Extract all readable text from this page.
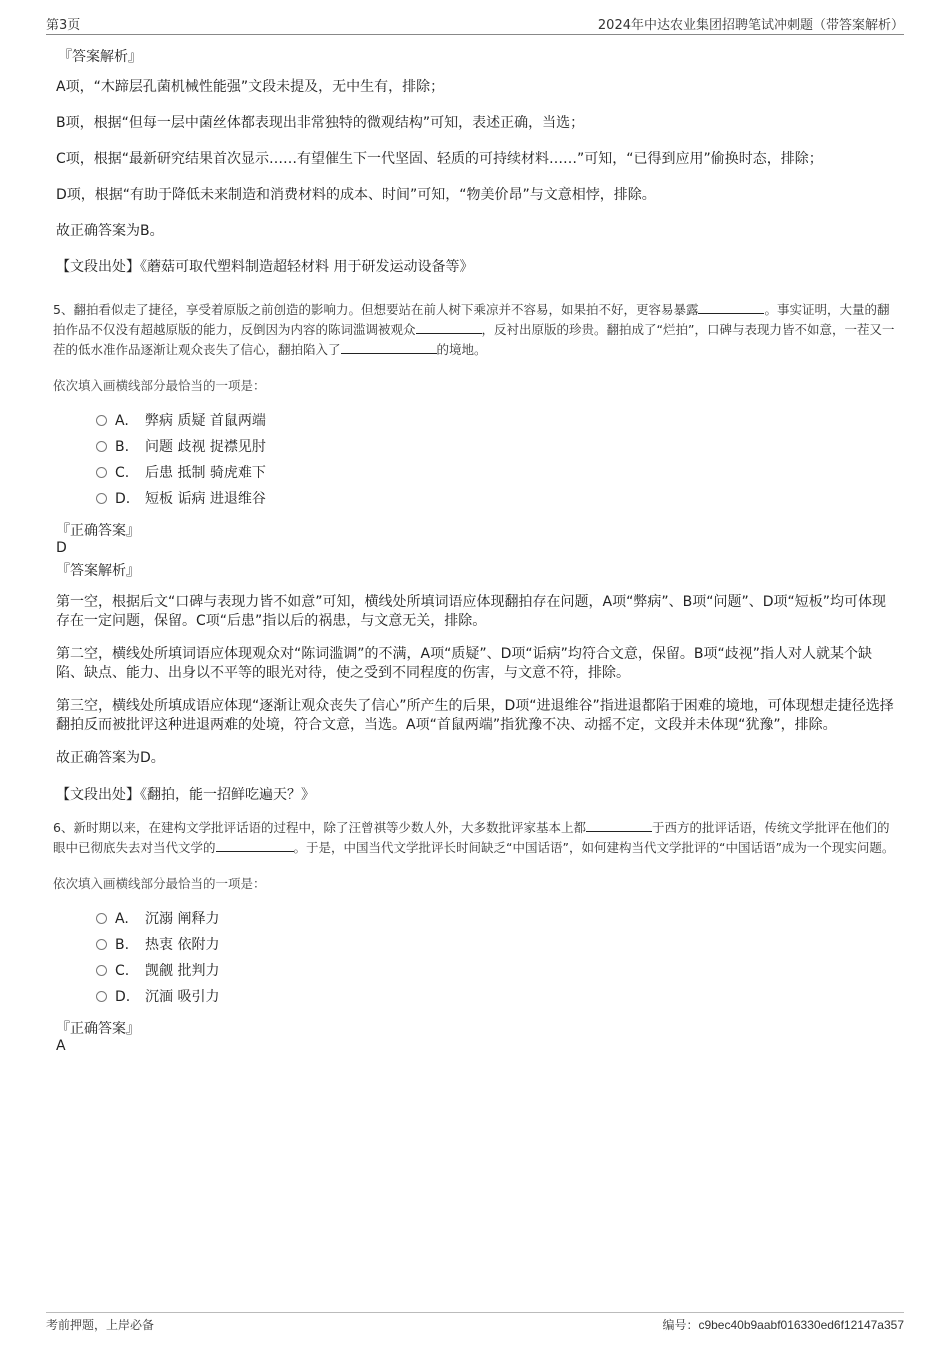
第3页	2024年中达农业集团招聘笔试冲刺题（带答案解析）
『答案解析』

A项，“木蹄层孔菌机械性能强”文段未提及，无中生有，排除；

B项，根据“但每一层中菌丝体都表现出非常独特的微观结构”可知，表述正确，当选；

C项，根据“最新研究结果首次显示……有望催生下一代坚固、轻质的可持续材料……”可知，“已得到应用”偷换时态，排除；

D项，根据“有助于降低未来制造和消费材料的成本、时间”可知，“物美价昂”与文意相悖，排除。

故正确答案为B。

【文段出处】《蘑菇可取代塑料制造超轻材料 用于研发运动设备等》
5、翻拍看似走了捷径，享受着原版之前创造的影响力。但想要站在前人树下乘凉并不容易，如果拍不好，更容易暴露	。事实证明，大量的翻拍作品不仅没有超越原版的能力，反倒因为内容的陈词滥调被观众	，反衬出原版的珍贵。翻拍成了“烂拍”，口碑与表现力皆不如意，一茬又一茬的低水准作品逐渐让观众丧失了信心，翻拍陷入了	的境地。
依次填入画横线部分最恰当的一项是：
A. 弊病 质疑 首鼠两端
B. 问题 歧视 捉襟见肘
C. 后患 抵制 骑虎难下
D. 短板 诟病 进退维谷
『正确答案』
D
『答案解析』

第一空，根据后文“口碑与表现力皆不如意”可知，横线处所填词语应体现翻拍存在问题，A项“弊病”、B项“问题”、D项“短板”均可体现存在一定问题，保留。C项“后患”指以后的祸患，与文意无关，排除。

第二空，横线处所填词语应体现观众对“陈词滥调”的不满，A项“质疑”、D项“诟病”均符合文意，保留。B项“歧视”指人对人就某个缺陷、缺点、能力、出身以不平等的眼光对待，使之受到不同程度的伤害，与文意不符，排除。

第三空，横线处所填成语应体现“逐渐让观众丧失了信心”所产生的后果，D项“进退维谷”指进退都陷于困难的境地，可体现想走捷径选择翻拍反而被批评这种进退两难的处境，符合文意，当选。A项“首鼠两端”指犹豫不决、动摇不定，文段并未体现“犹豫”，排除。

故正确答案为D。

【文段出处】《翻拍，能一招鲜吃遍天？》
6、新时期以来，在建构文学批评话语的过程中，除了汪曾祺等少数人外，大多数批评家基本上都	于西方的批评话语，传统文学批评在他们的眼中已彻底失去对当代文学的	。于是，中国当代文学批评长时间缺乏“中国话语”，如何建构当代文学批评的“中国话语”成为一个现实问题。
依次填入画横线部分最恰当的一项是：
A. 沉溺 阐释力
B. 热衷 依附力
C. 觊觎 批判力
D. 沉湎 吸引力
『正确答案』
A
考前押题，上岸必备	编号：c9bec40b9aabf016330ed6f12147a357
